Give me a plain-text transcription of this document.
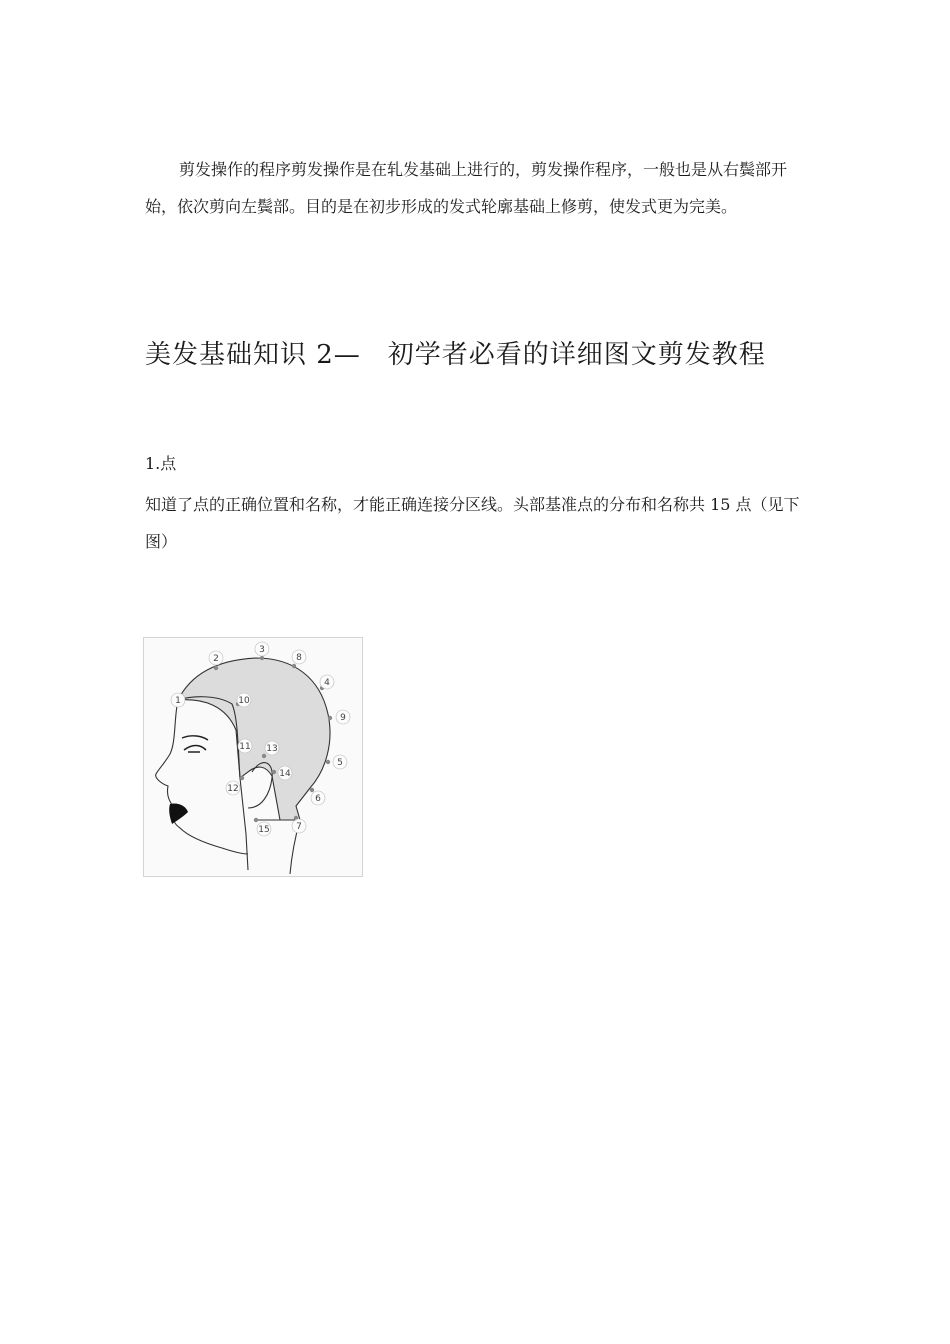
剪发操作的程序剪发操作是在轧发基础上进行的，剪发操作程序，一般也是从右鬓部开始，依次剪向左鬓部。目的是在初步形成的发式轮廓基础上修剪，使发式更为完美。

美发基础知识 2—　初学者必看的详细图文剪发教程
1.点

知道了点的正确位置和名称，才能正确连接分区线。头部基准点的分布和名称共 15 点（见下图）

1
2
3
8
4
10
9
11 13
5
14
12
6
15	7
